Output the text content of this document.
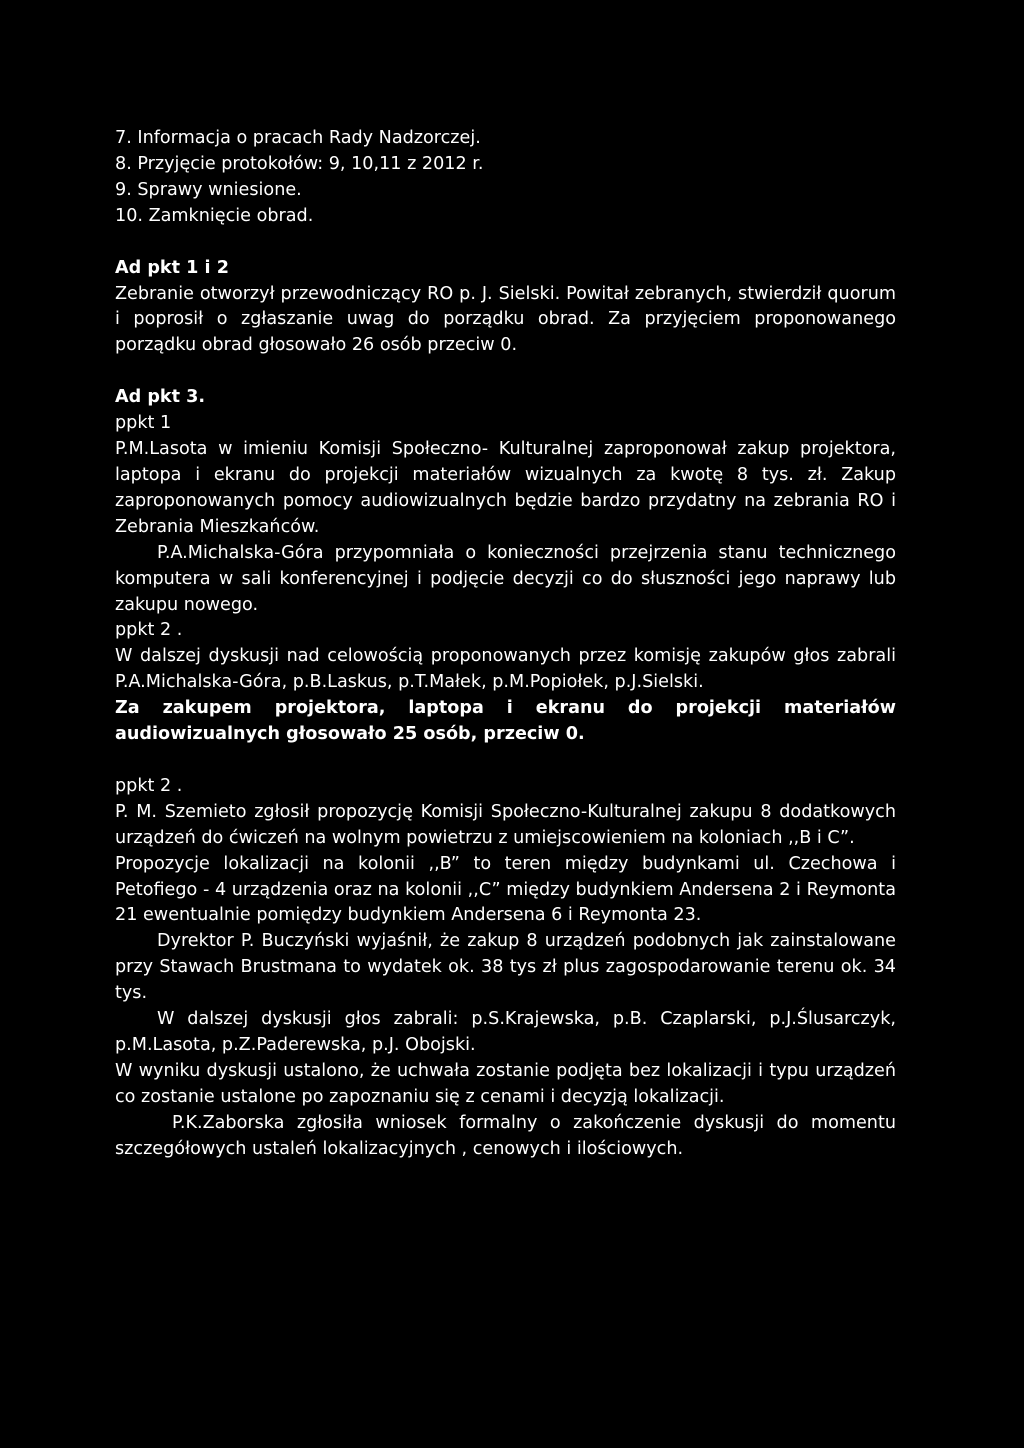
7. Informacja o pracach Rady Nadzorczej.

8. Przyjęcie protokołów: 9, 10,11 z 2012 r.

9. Sprawy wniesione.

10. Zamknięcie obrad.

Ad pkt 1 i 2

Zebranie otworzył przewodniczący RO p. J. Sielski. Powitał zebranych, stwierdził quorum i poprosił o zgłaszanie uwag do porządku obrad. Za przyjęciem proponowanego porządku obrad głosowało 26 osób przeciw 0.

Ad pkt 3.

ppkt 1

P.M.Lasota w imieniu Komisji Społeczno- Kulturalnej zaproponował zakup projektora, laptopa i ekranu do projekcji materiałów wizualnych za kwotę 8 tys. zł. Zakup zaproponowanych pomocy audiowizualnych będzie bardzo przydatny na zebrania RO i Zebrania Mieszkańców.

P.A.Michalska-Góra przypomniała o konieczności przejrzenia stanu technicznego komputera w sali konferencyjnej i podjęcie decyzji co do słuszności jego naprawy lub zakupu nowego.

ppkt 2 .

W dalszej dyskusji nad celowością proponowanych przez komisję zakupów głos zabrali P.A.Michalska-Góra, p.B.Laskus, p.T.Małek, p.M.Popiołek, p.J.Sielski.

Za zakupem projektora, laptopa i ekranu do projekcji materiałów audiowizualnych głosowało 25 osób, przeciw 0.

ppkt 2 .

P. M. Szemieto zgłosił propozycję Komisji Społeczno-Kulturalnej zakupu 8 dodatkowych urządzeń do ćwiczeń na wolnym powietrzu z umiejscowieniem na koloniach ,,B i C”.

Propozycje lokalizacji na kolonii ,,B” to teren między budynkami ul. Czechowa i Petofiego - 4 urządzenia oraz na kolonii ,,C” między budynkiem Andersena 2 i Reymonta 21 ewentualnie pomiędzy budynkiem Andersena 6 i Reymonta 23.

Dyrektor P. Buczyński wyjaśnił, że zakup 8 urządzeń podobnych jak zainstalowane przy Stawach Brustmana to wydatek ok. 38 tys zł plus zagospodarowanie terenu ok. 34 tys.

W dalszej dyskusji głos zabrali: p.S.Krajewska, p.B. Czaplarski, p.J.Ślusarczyk, p.M.Lasota, p.Z.Paderewska, p.J. Obojski.

W wyniku dyskusji ustalono, że uchwała zostanie podjęta bez lokalizacji i typu urządzeń co zostanie ustalone po zapoznaniu się z cenami i decyzją lokalizacji.

P.K.Zaborska zgłosiła wniosek formalny o zakończenie dyskusji do momentu szczegółowych ustaleń lokalizacyjnych , cenowych i ilościowych.
